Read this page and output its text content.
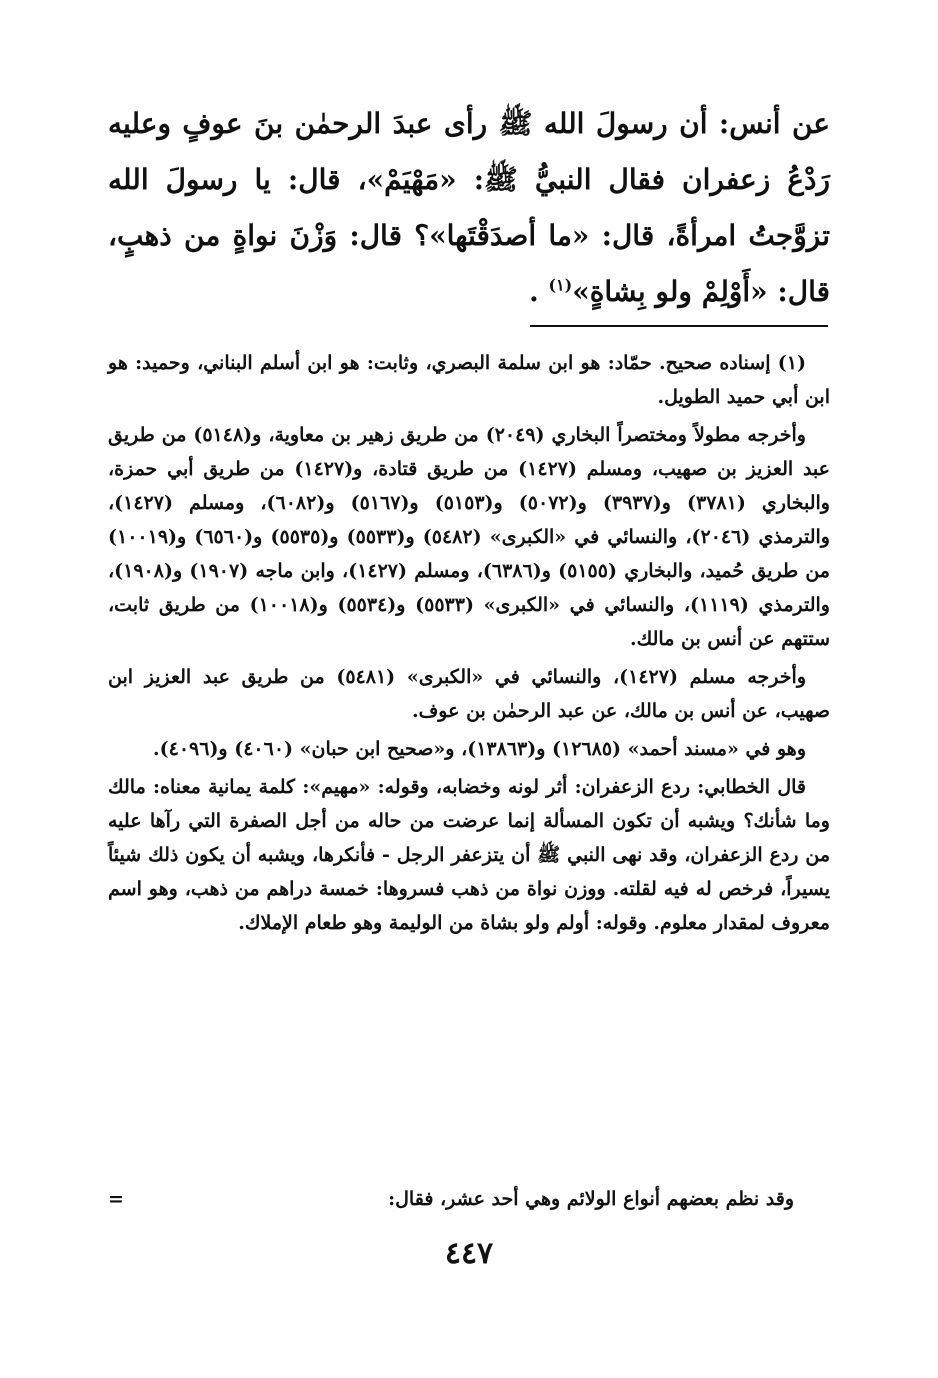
عن أنس: أن رسولَ الله ﷺ رأى عبدَ الرحمٰن بنَ عوفٍ وعليه رَدْعُ زعفران فقال النبيُّ ﷺ: «مَهْيَمْ»، قال: يا رسولَ الله تزوَّجتُ امرأةً، قال: «ما أصدَقْتَها»؟ قال: وَزْنَ نواةٍ من ذهبٍ، قال: «أَوْلِمْ ولو بِشاةٍ»$^{(١)}$ .

(١) إسناده صحيح. حمّاد: هو ابن سلمة البصري، وثابت: هو ابن أسلم البناني، وحميد: هو ابن أبي حميد الطويل.

وأخرجه مطولاً ومختصراً البخاري (٢٠٤٩) من طريق زهير بن معاوية، و(٥١٤٨) من طريق عبد العزيز بن صهيب، ومسلم (١٤٢٧) من طريق قتادة، و(١٤٢٧) من طريق أبي حمزة، والبخاري (٣٧٨١) و(٣٩٣٧) و(٥٠٧٢) و(٥١٥٣) و(٥١٦٧) و(٦٠٨٢)، ومسلم (١٤٢٧)، والترمذي (٢٠٤٦)، والنسائي في «الكبرى» (٥٤٨٢) و(٥٥٣٣) و(٥٥٣٥) و(٦٥٦٠) و(١٠٠١٩) من طريق حُميد، والبخاري (٥١٥٥) و(٦٣٨٦)، ومسلم (١٤٢٧)، وابن ماجه (١٩٠٧) و(١٩٠٨)، والترمذي (١١١٩)، والنسائي في «الكبرى» (٥٥٣٣) و(٥٥٣٤) و(١٠٠١٨) من طريق ثابت، ستتهم عن أنس بن مالك.

وأخرجه مسلم (١٤٢٧)، والنسائي في «الكبرى» (٥٤٨١) من طريق عبد العزيز ابن صهيب، عن أنس بن مالك، عن عبد الرحمٰن بن عوف.

وهو في «مسند أحمد» (١٢٦٨٥) و(١٣٨٦٣)، و«صحيح ابن حبان» (٤٠٦٠) و(٤٠٩٦).

قال الخطابي: ردع الزعفران: أثر لونه وخضابه، وقوله: «مهيم»: كلمة يمانية معناه: مالك وما شأنك؟ ويشبه أن تكون المسألة إنما عرضت من حاله من أجل الصفرة التي رآها عليه من ردع الزعفران، وقد نهى النبي ﷺ أن يتزعفر الرجل - فأنكرها، ويشبه أن يكون ذلك شيئاً يسيراً، فرخص له فيه لقلته. ووزن نواة من ذهب فسروها: خمسة دراهم من ذهب، وهو اسم معروف لمقدار معلوم. وقوله: أولم ولو بشاة من الوليمة وهو طعام الإملاك.

وقد نظم بعضهم أنواع الولائم وهي أحد عشر، فقال:
=
٤٤٧
